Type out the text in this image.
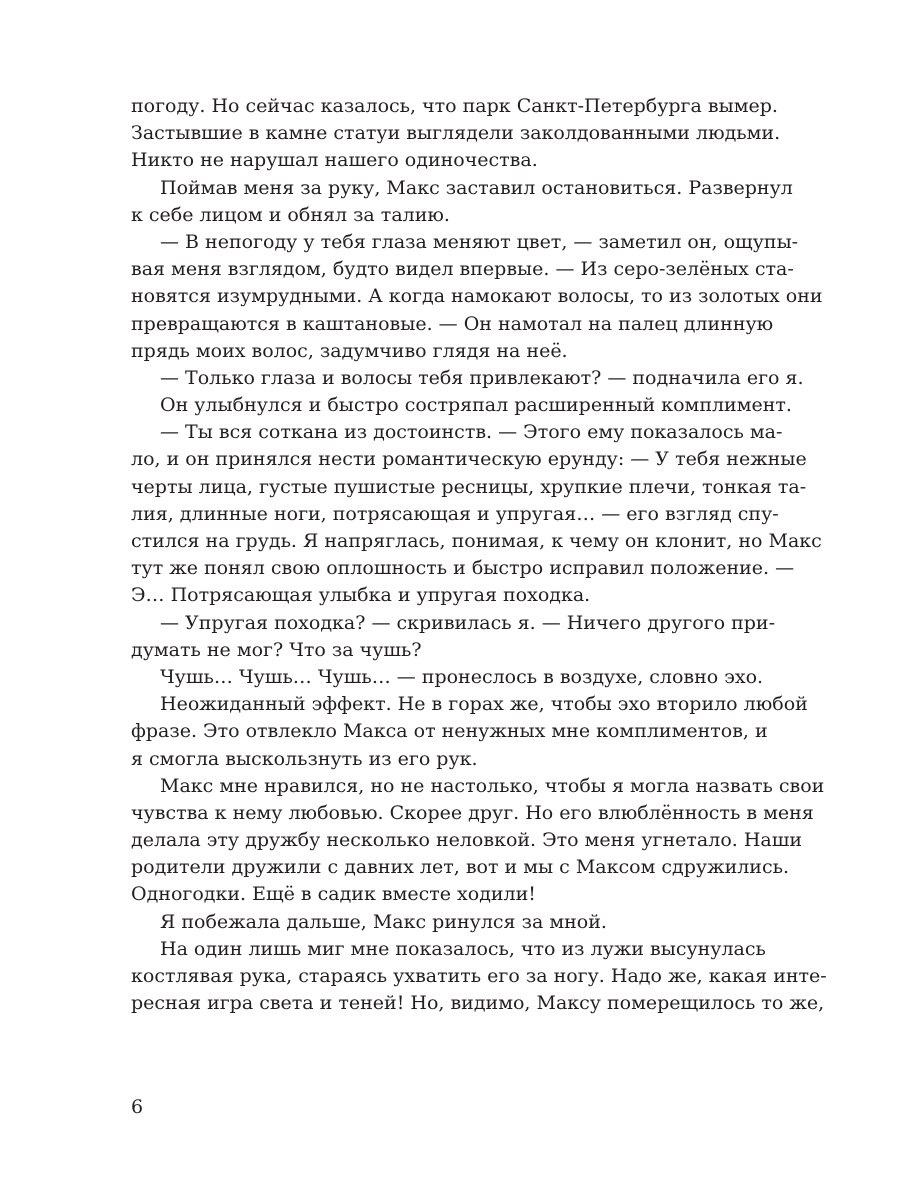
погоду. Но сейчас казалось, что парк Санкт-Петербурга вымер.
Застывшие в камне статуи выглядели заколдованными людьми.
Никто не нарушал нашего одиночества.
Поймав меня за руку, Макс заставил остановиться. Развернул
к себе лицом и обнял за талию.
— В непогоду у тебя глаза меняют цвет, — заметил он, ощупы-
вая меня взглядом, будто видел впервые. — Из серо-зелёных ста-
новятся изумрудными. А когда намокают волосы, то из золотых они
превращаются в каштановые. — Он намотал на палец длинную
прядь моих волос, задумчиво глядя на неё.
— Только глаза и волосы тебя привлекают? — подначила его я.
Он улыбнулся и быстро состряпал расширенный комплимент.
— Ты вся соткана из достоинств. — Этого ему показалось ма-
ло, и он принялся нести романтическую ерунду: — У тебя нежные
черты лица, густые пушистые ресницы, хрупкие плечи, тонкая та-
лия, длинные ноги, потрясающая и упругая… — его взгляд спу-
стился на грудь. Я напряглась, понимая, к чему он клонит, но Макс
тут же понял свою оплошность и быстро исправил положение. —
Э… Потрясающая улыбка и упругая походка.
— Упругая походка? — скривилась я. — Ничего другого при-
думать не мог? Что за чушь?
Чушь… Чушь… Чушь… — пронеслось в воздухе, словно эхо.
Неожиданный эффект. Не в горах же, чтобы эхо вторило любой
фразе. Это отвлекло Макса от ненужных мне комплиментов, и
я смогла выскользнуть из его рук.
Макс мне нравился, но не настолько, чтобы я могла назвать свои
чувства к нему любовью. Скорее друг. Но его влюблённость в меня
делала эту дружбу несколько неловкой. Это меня угнетало. Наши
родители дружили с давних лет, вот и мы с Максом сдружились.
Одногодки. Ещё в садик вместе ходили!
Я побежала дальше, Макс ринулся за мной.
На один лишь миг мне показалось, что из лужи высунулась
костлявая рука, стараясь ухватить его за ногу. Надо же, какая инте-
ресная игра света и теней! Но, видимо, Максу померещилось то же,
6
